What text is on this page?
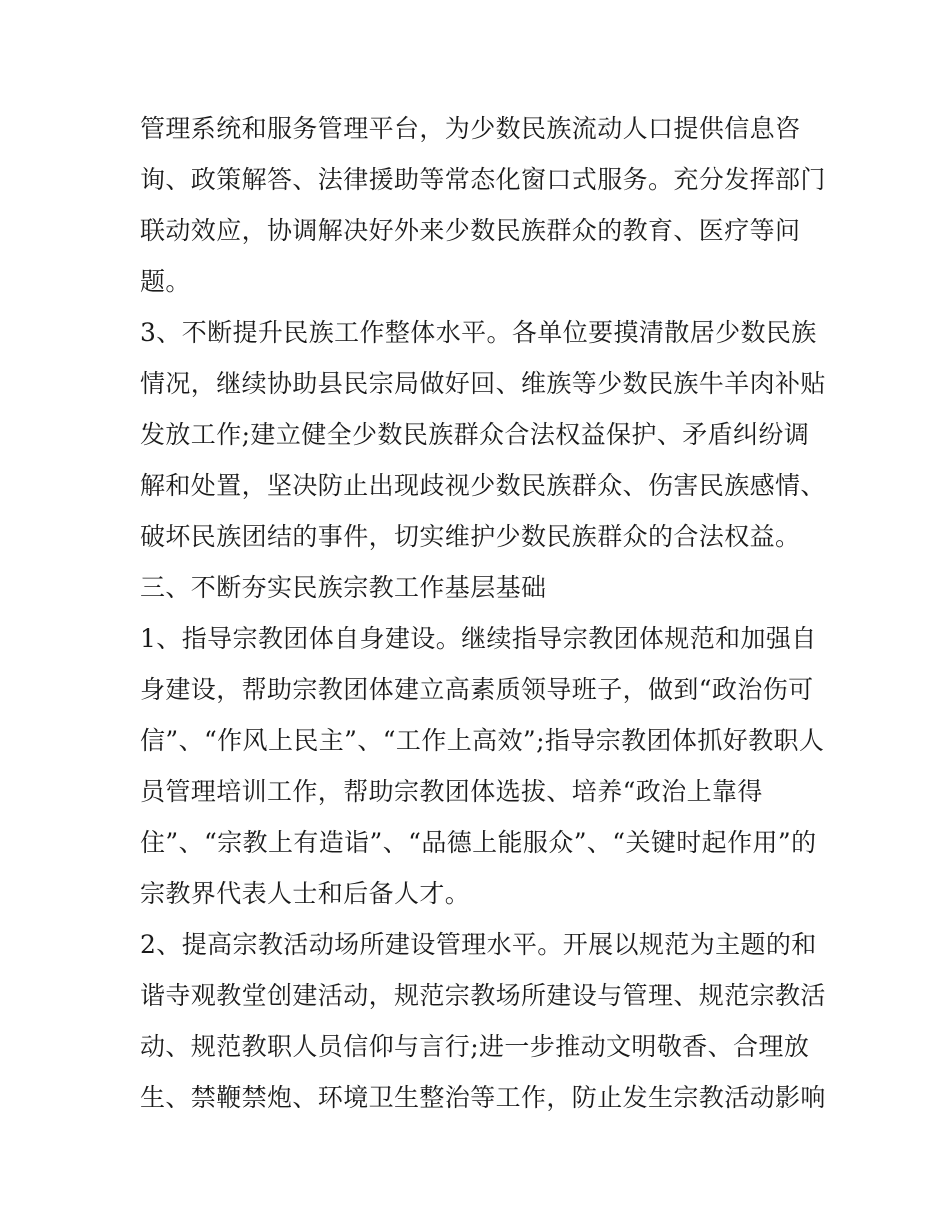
管理系统和服务管理平台，为少数民族流动人口提供信息咨
询、政策解答、法律援助等常态化窗口式服务。充分发挥部门
联动效应，协调解决好外来少数民族群众的教育、医疗等问
题。
3、不断提升民族工作整体水平。各单位要摸清散居少数民族
情况，继续协助县民宗局做好回、维族等少数民族牛羊肉补贴
发放工作;建立健全少数民族群众合法权益保护、矛盾纠纷调
解和处置，坚决防止出现歧视少数民族群众、伤害民族感情、
破坏民族团结的事件，切实维护少数民族群众的合法权益。
三、不断夯实民族宗教工作基层基础
1、指导宗教团体自身建设。继续指导宗教团体规范和加强自
身建设，帮助宗教团体建立高素质领导班子，做到“政治伤可
信”、“作风上民主”、“工作上高效”;指导宗教团体抓好教职人
员管理培训工作，帮助宗教团体选拔、培养“政治上靠得
住”、“宗教上有造诣”、“品德上能服众”、“关键时起作用”的
宗教界代表人士和后备人才。
2、提高宗教活动场所建设管理水平。开展以规范为主题的和
谐寺观教堂创建活动，规范宗教场所建设与管理、规范宗教活
动、规范教职人员信仰与言行;进一步推动文明敬香、合理放
生、禁鞭禁炮、环境卫生整治等工作，防止发生宗教活动影响
